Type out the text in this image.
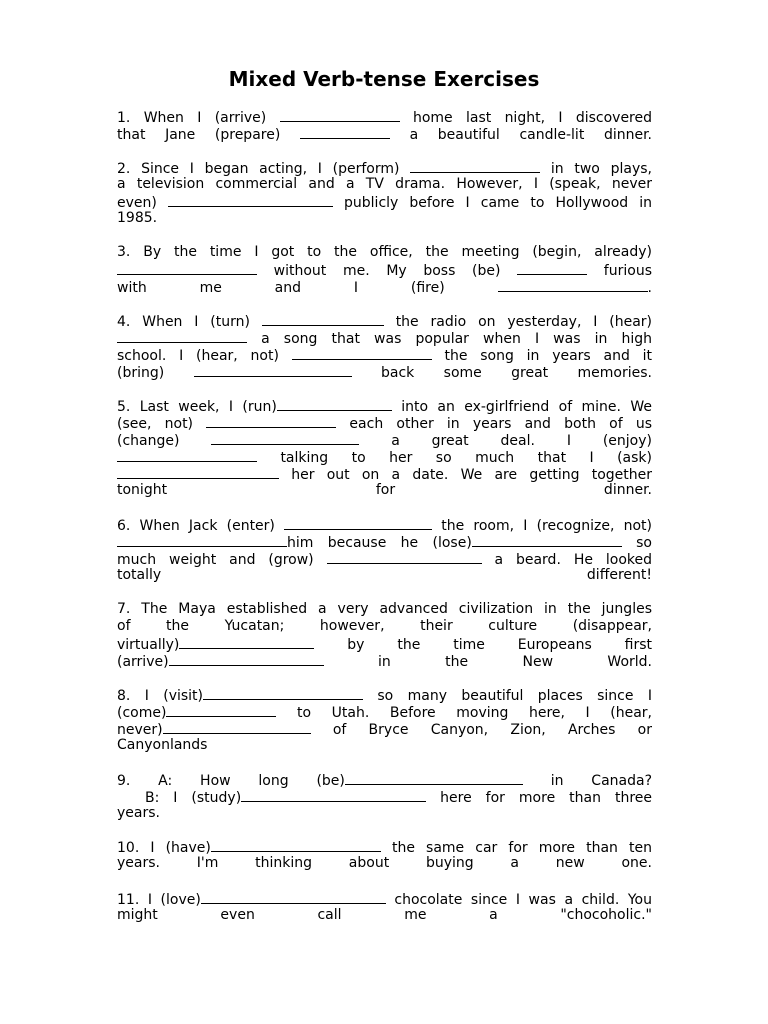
Mixed Verb-tense Exercises
1. When I (arrive)	home last night, I discovered
that Jane (prepare)	a beautiful candle-lit dinner.
2. Since I began acting, I (perform)	in two plays,
a television commercial and a TV drama. However, I (speak, never
even)	publicly before I came to Hollywood in
1985.
3. By the time I got to the office, the meeting (begin, already)
without me. My boss (be)	furious
with me and I (fire)	.
4. When I (turn)	the radio on yesterday, I (hear)
a song that was popular when I was in high
school. I (hear, not)	the song in years and it
(bring)	back some great memories.
5. Last week, I (run)	into an ex-girlfriend of mine. We
(see, not)	each other in years and both of us
(change)	a great deal. I (enjoy)
talking to her so much that I (ask)
her out on a date. We are getting together
tonight for dinner.
6. When Jack (enter)	the room, I (recognize, not)
him because he (lose)	so
much weight and (grow)	a beard. He looked
totally different!
7. The Maya established a very advanced civilization in the jungles
of the Yucatan; however, their culture (disappear,
virtually)	by the time Europeans first
(arrive)	in the New World.
8. I (visit)	so many beautiful places since I
(come)	to Utah. Before moving here, I (hear,
never)	of Bryce Canyon, Zion, Arches or
Canyonlands
9. A: How long (be)	in Canada?
B: I (study)	here for more than three
years.
10. I (have)	the same car for more than ten
years. I'm thinking about buying a new one.
11. I (love)	chocolate since I was a child. You
might even call me a "chocoholic."
